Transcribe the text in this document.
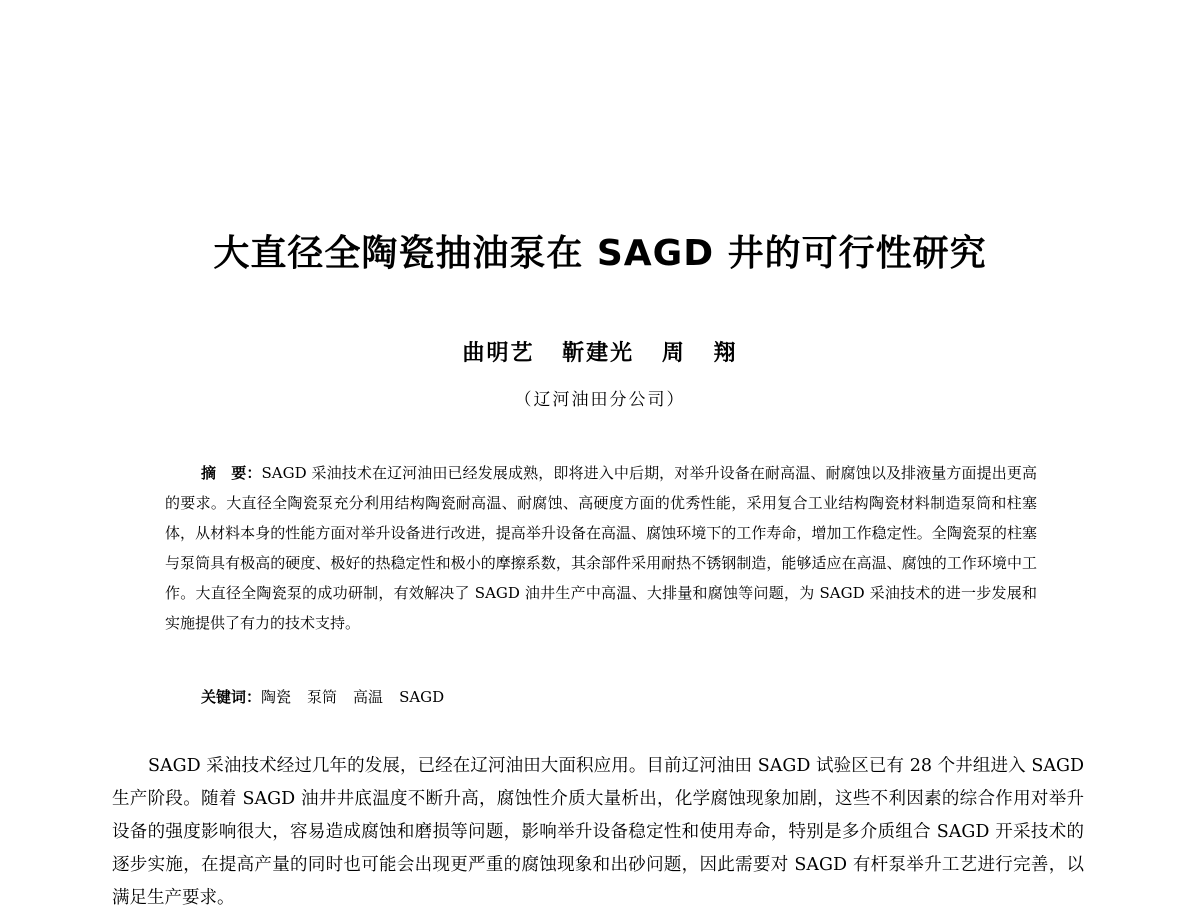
大直径全陶瓷抽油泵在 SAGD 井的可行性研究
曲明艺 靳建光 周 翔
（辽河油田分公司）

摘　要：SAGD 采油技术在辽河油田已经发展成熟，即将进入中后期，对举升设备在耐高温、耐腐蚀以及排液量方面提出更高的要求。大直径全陶瓷泵充分利用结构陶瓷耐高温、耐腐蚀、高硬度方面的优秀性能，采用复合工业结构陶瓷材料制造泵筒和柱塞体，从材料本身的性能方面对举升设备进行改进，提高举升设备在高温、腐蚀环境下的工作寿命，增加工作稳定性。全陶瓷泵的柱塞与泵筒具有极高的硬度、极好的热稳定性和极小的摩擦系数，其余部件采用耐热不锈钢制造，能够适应在高温、腐蚀的工作环境中工作。大直径全陶瓷泵的成功研制，有效解决了 SAGD 油井生产中高温、大排量和腐蚀等问题，为 SAGD 采油技术的进一步发展和实施提供了有力的技术支持。

关键词：陶瓷 泵筒 高温 SAGD

SAGD 采油技术经过几年的发展，已经在辽河油田大面积应用。目前辽河油田 SAGD 试验区已有 28 个井组进入 SAGD 生产阶段。随着 SAGD 油井井底温度不断升高，腐蚀性介质大量析出，化学腐蚀现象加剧，这些不利因素的综合作用对举升设备的强度影响很大，容易造成腐蚀和磨损等问题，影响举升设备稳定性和使用寿命，特别是多介质组合 SAGD 开采技术的逐步实施，在提高产量的同时也可能会出现更严重的腐蚀现象和出砂问题，因此需要对 SAGD 有杆泵举升工艺进行完善，以满足生产要求。
